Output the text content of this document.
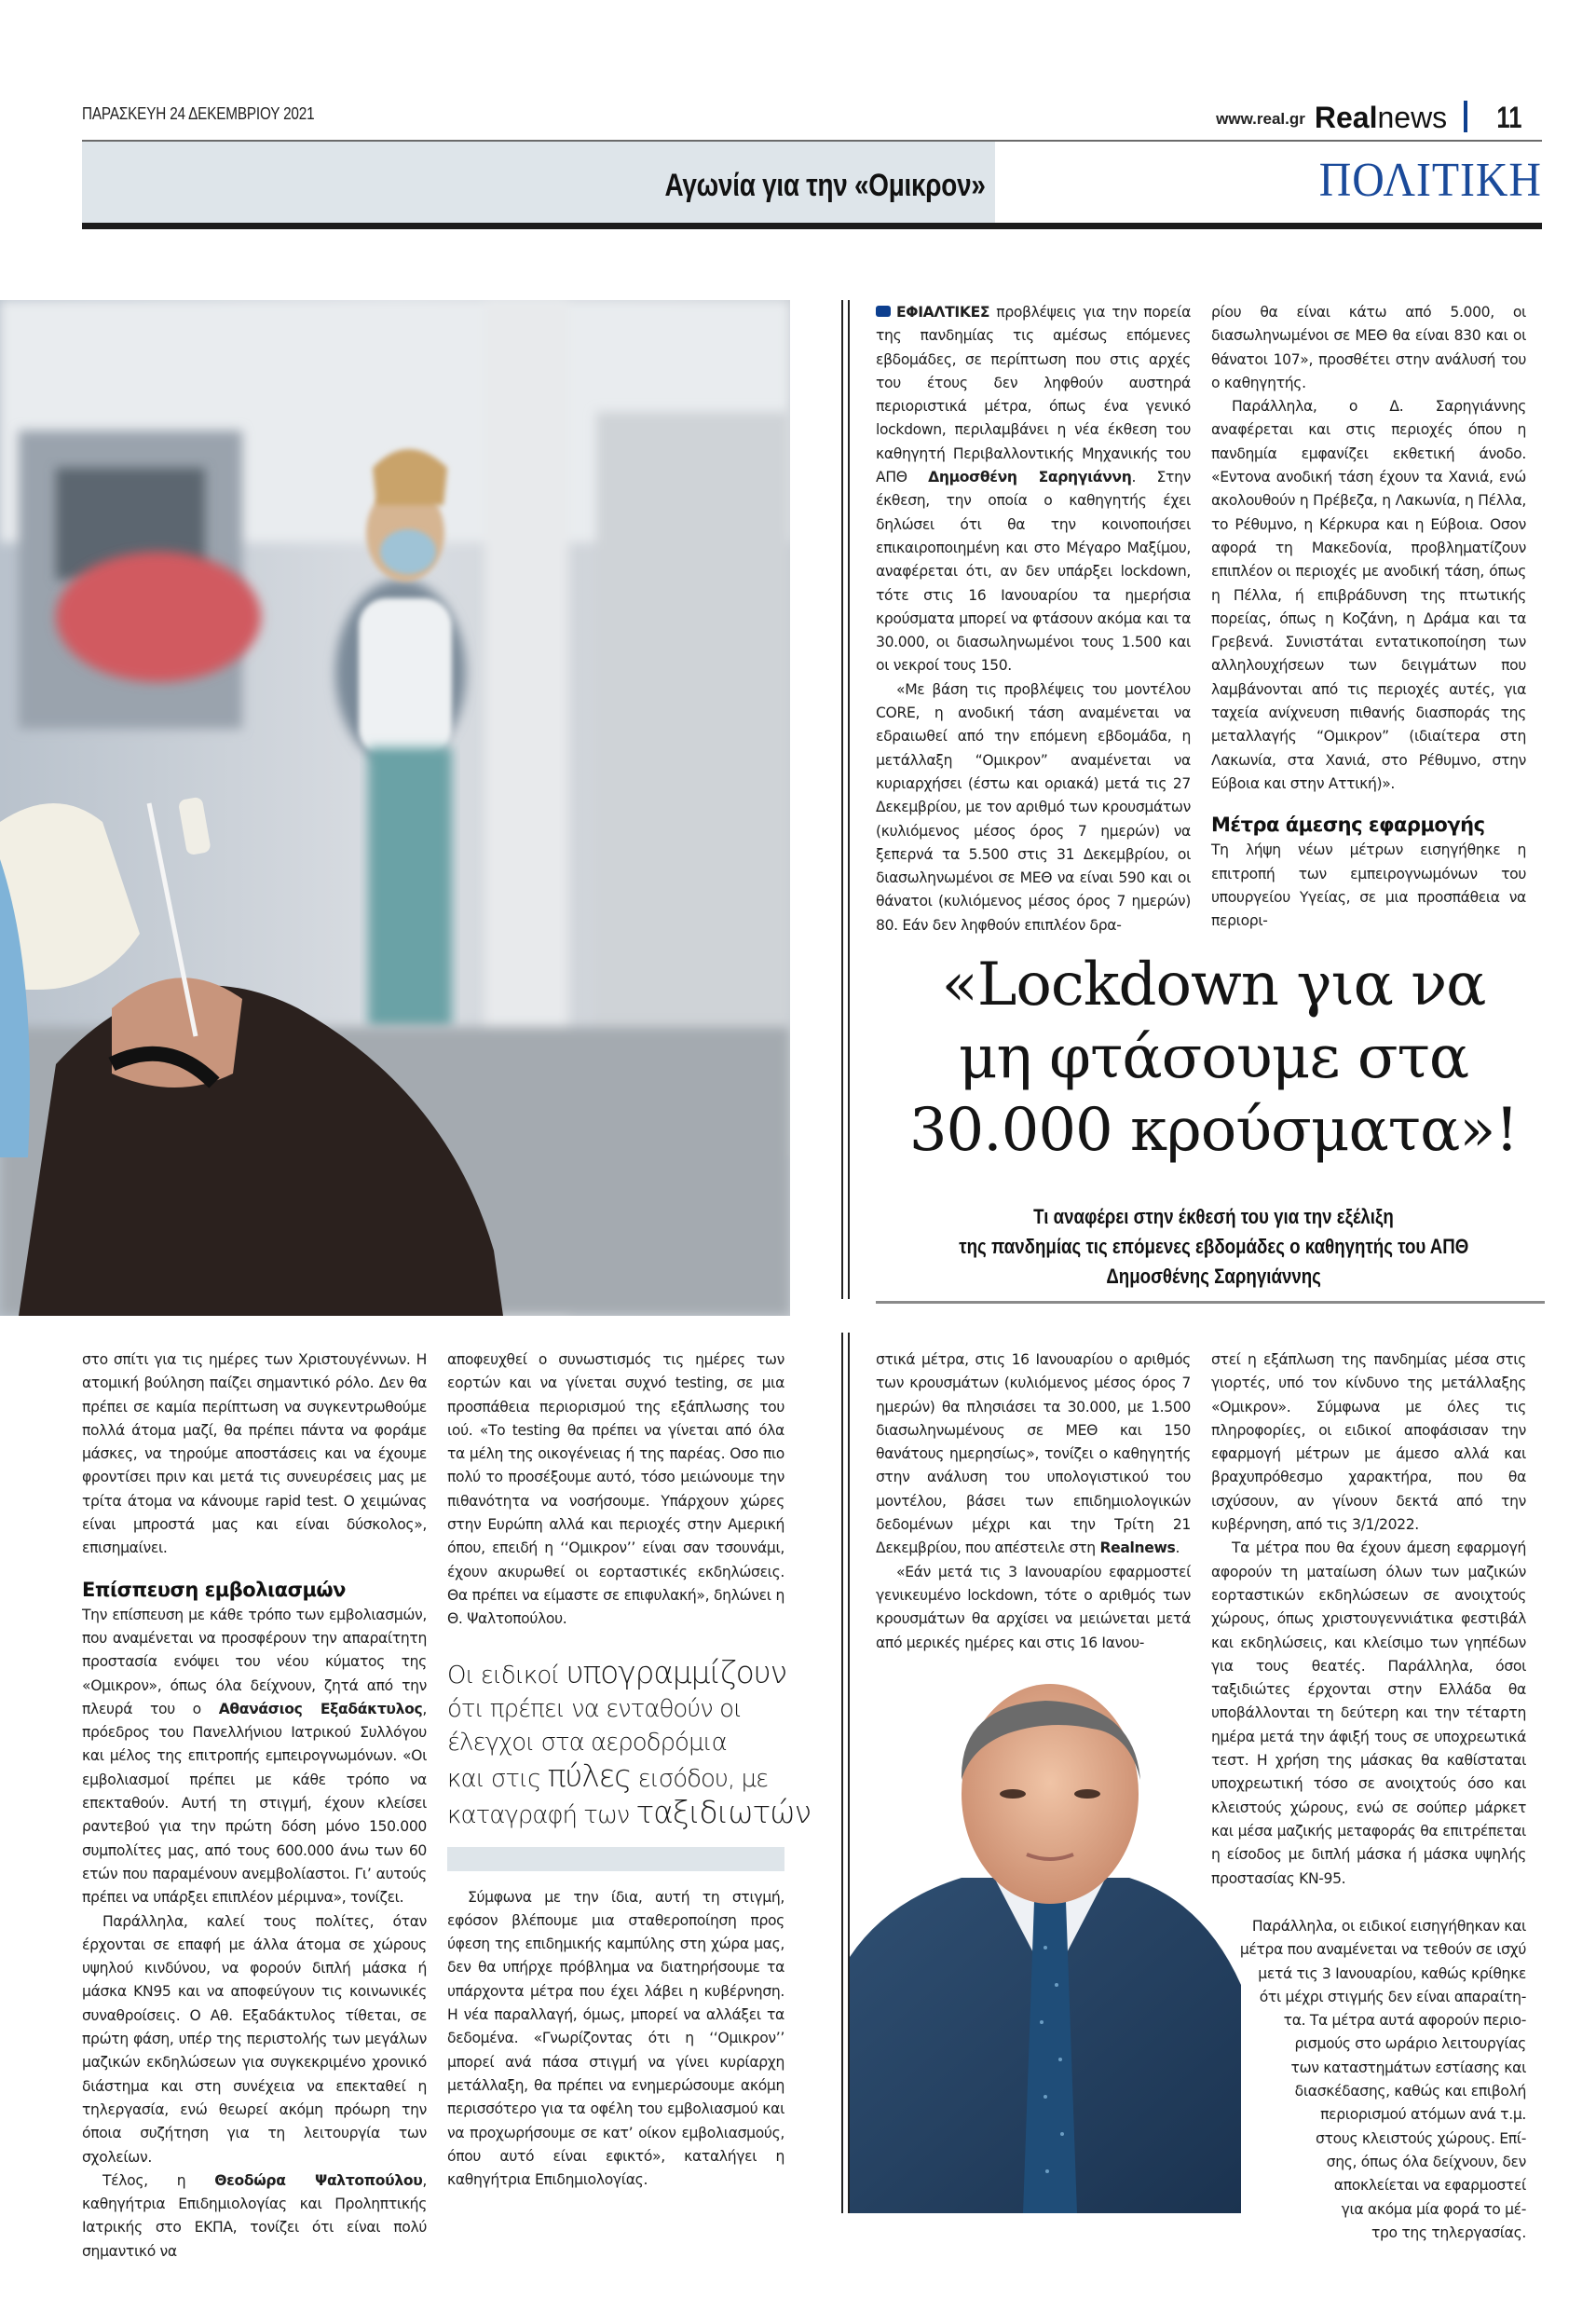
ΠΑΡΑΣΚΕΥΗ 24 ΔΕΚΕΜΒΡΙΟΥ 2021	www.real.gr Realnews 11
Αγωνία για την «Ομικρον»	ΠΟΛΙΤΙΚΗ

ΕΦΙΑΛΤΙΚΕΣ προβλέψεις για την πορεία της πανδημίας τις αμέσως επόμενες εβδομάδες, σε περίπτωση που στις αρχές του έτους δεν ληφθούν αυστηρά περιοριστικά μέτρα, όπως ένα γενικό lockdown, περιλαμβάνει η νέα έκθεση του καθηγητή Περιβαλλοντικής Μηχανικής του ΑΠΘ Δημοσθένη Σαρηγιάννη. Στην έκθεση, την οποία ο καθηγητής έχει δηλώσει ότι θα την κοινοποιήσει επικαιροποιημένη και στο Μέγαρο Μαξίμου, αναφέρεται ότι, αν δεν υπάρξει lockdown, τότε στις 16 Ιανουαρίου τα ημερήσια κρούσματα μπορεί να φτάσουν ακόμα και τα 30.000, οι διασωληνωμένοι τους 1.500 και οι νεκροί τους 150.

«Με βάση τις προβλέψεις του μοντέλου CORE, η ανοδική τάση αναμένεται να εδραιωθεί από την επόμενη εβδομάδα, η μετάλλαξη “Ομικρον” αναμένεται να κυριαρχήσει (έστω και οριακά) μετά τις 27 Δεκεμβρίου, με τον αριθμό των κρουσμάτων (κυλιόμενος μέσος όρος 7 ημερών) να ξεπερνά τα 5.500 στις 31 Δεκεμβρίου, οι διασωληνωμένοι σε ΜΕΘ να είναι 590 και οι θάνατοι (κυλιόμενος μέσος όρος 7 ημερών) 80. Εάν δεν ληφθούν επιπλέον δρα-

ρίου θα είναι κάτω από 5.000, οι διασωληνωμένοι σε ΜΕΘ θα είναι 830 και οι θάνατοι 107», προσθέτει στην ανάλυσή του ο καθηγητής.

Παράλληλα, ο Δ. Σαρηγιάννης αναφέρεται και στις περιοχές όπου η πανδημία εμφανίζει εκθετική άνοδο. «Εντονα ανοδική τάση έχουν τα Χανιά, ενώ ακολουθούν η Πρέβεζα, η Λακωνία, η Πέλλα, το Ρέθυμνο, η Κέρκυρα και η Εύβοια. Οσον αφορά τη Μακεδονία, προβληματίζουν επιπλέον οι περιοχές με ανοδική τάση, όπως η Πέλλα, ή επιβράδυνση της πτωτικής πορείας, όπως η Κοζάνη, η Δράμα και τα Γρεβενά. Συνιστάται εντατικοποίηση των αλληλουχήσεων των δειγμάτων που λαμβάνονται από τις περιοχές αυτές, για ταχεία ανίχνευση πιθανής διασποράς της μεταλλαγής “Ομικρον” (ιδιαίτερα στη Λακωνία, στα Χανιά, στο Ρέθυμνο, στην Εύβοια και στην Αττική)».

Μέτρα άμεσης εφαρμογής

Τη λήψη νέων μέτρων εισηγήθηκε η επιτροπή των εμπειρογνωμόνων του υπουργείου Υγείας, σε μια προσπάθεια να περιορι-

«Lockdown για να
μη φτάσουμε στα
30.000 κρούσματα»!
Τι αναφέρει στην έκθεσή του για την εξέλιξη
της πανδημίας τις επόμενες εβδομάδες ο καθηγητής του ΑΠΘ
Δημοσθένης Σαρηγιάννης

στο σπίτι για τις ημέρες των Χριστουγέννων. Η ατομική βούληση παίζει σημαντικό ρόλο. Δεν θα πρέπει σε καμία περίπτωση να συγκεντρωθούμε πολλά άτομα μαζί, θα πρέπει πάντα να φοράμε μάσκες, να τηρούμε αποστάσεις και να έχουμε φροντίσει πριν και μετά τις συνευρέσεις μας με τρίτα άτομα να κάνουμε rapid test. Ο χειμώνας είναι μπροστά μας και είναι δύσκολος», επισημαίνει.

Επίσπευση εμβολιασμών

Την επίσπευση με κάθε τρόπο των εμβολιασμών, που αναμένεται να προσφέρουν την απαραίτητη προστασία ενόψει του νέου κύματος της «Ομικρον», όπως όλα δείχνουν, ζητά από την πλευρά του ο Αθανάσιος Εξαδάκτυλος, πρόεδρος του Πανελλήνιου Ιατρικού Συλλόγου και μέλος της επιτροπής εμπειρογνωμόνων. «Οι εμβολιασμοί πρέπει με κάθε τρόπο να επεκταθούν. Αυτή τη στιγμή, έχουν κλείσει ραντεβού για την πρώτη δόση μόνο 150.000 συμπολίτες μας, από τους 600.000 άνω των 60 ετών που παραμένουν ανεμβολίαστοι. Γι’ αυτούς πρέπει να υπάρξει επιπλέον μέριμνα», τονίζει.

Παράλληλα, καλεί τους πολίτες, όταν έρχονται σε επαφή με άλλα άτομα σε χώρους υψηλού κινδύνου, να φορούν διπλή μάσκα ή μάσκα KN95 και να αποφεύγουν τις κοινωνικές συναθροίσεις. Ο Αθ. Εξαδάκτυλος τίθεται, σε πρώτη φάση, υπέρ της περιστολής των μεγάλων μαζικών εκδηλώσεων για συγκεκριμένο χρονικό διάστημα και στη συνέχεια να επεκταθεί η τηλεργασία, ενώ θεωρεί ακόμη πρόωρη την όποια συζήτηση για τη λειτουργία των σχολείων.

Τέλος, η Θεοδώρα Ψαλτοπούλου, καθηγήτρια Επιδημιολογίας και Προληπτικής Ιατρικής στο ΕΚΠΑ, τονίζει ότι είναι πολύ σημαντικό να

αποφευχθεί ο συνωστισμός τις ημέρες των εορτών και να γίνεται συχνό testing, σε μια προσπάθεια περιορισμού της εξάπλωσης του ιού. «Το testing θα πρέπει να γίνεται από όλα τα μέλη της οικογένειας ή της παρέας. Οσο πιο πολύ το προσέξουμε αυτό, τόσο μειώνουμε την πιθανότητα να νοσήσουμε. Υπάρχουν χώρες στην Ευρώπη αλλά και περιοχές στην Αμερική όπου, επειδή η ‘‘Ομικρον’’ είναι σαν τσουνάμι, έχουν ακυρωθεί οι εορταστικές εκδηλώσεις. Θα πρέπει να είμαστε σε επιφυλακή», δηλώνει η Θ. Ψαλτοπούλου.

Οι ειδικοί υπογραμμίζουν
ότι πρέπει να ενταθούν οι
έλεγχοι στα αεροδρόμια
και στις πύλες εισόδου, με
καταγραφή των ταξιδιωτών

Σύμφωνα με την ίδια, αυτή τη στιγμή, εφόσον βλέπουμε μια σταθεροποίηση προς ύφεση της επιδημικής καμπύλης στη χώρα μας, δεν θα υπήρχε πρόβλημα να διατηρήσουμε τα υπάρχοντα μέτρα που έχει λάβει η κυβέρνηση. Η νέα παραλλαγή, όμως, μπορεί να αλλάξει τα δεδομένα. «Γνωρίζοντας ότι η ‘‘Ομικρον’’ μπορεί ανά πάσα στιγμή να γίνει κυρίαρχη μετάλλαξη, θα πρέπει να ενημερώσουμε ακόμη περισσότερο για τα οφέλη του εμβολιασμού και να προχωρήσουμε σε κατ’ οίκον εμβολιασμούς, όπου αυτό είναι εφικτό», καταλήγει η καθηγήτρια Επιδημιολογίας.

στικά μέτρα, στις 16 Ιανουαρίου ο αριθμός των κρουσμάτων (κυλιόμενος μέσος όρος 7 ημερών) θα πλησιάσει τα 30.000, με 1.500 διασωληνωμένους σε ΜΕΘ και 150 θανάτους ημερησίως», τονίζει ο καθηγητής στην ανάλυση του υπολογιστικού του μοντέλου, βάσει των επιδημιολογικών δεδομένων μέχρι και την Τρίτη 21 Δεκεμβρίου, που απέστειλε στη Realnews.

«Εάν μετά τις 3 Ιανουαρίου εφαρμοστεί γενικευμένο lockdown, τότε ο αριθμός των κρουσμάτων θα αρχίσει να μειώνεται μετά από μερικές ημέρες και στις 16 Ιανου-

στεί η εξάπλωση της πανδημίας μέσα στις γιορτές, υπό τον κίνδυνο της μετάλλαξης «Ομικρον». Σύμφωνα με όλες τις πληροφορίες, οι ειδικοί αποφάσισαν την εφαρμογή μέτρων με άμεσο αλλά και βραχυπρόθεσμο χαρακτήρα, που θα ισχύσουν, αν γίνουν δεκτά από την κυβέρνηση, από τις 3/1/2022.

Τα μέτρα που θα έχουν άμεση εφαρμογή αφορούν τη ματαίωση όλων των μαζικών εορταστικών εκδηλώσεων σε ανοιχτούς χώρους, όπως χριστουγεννιάτικα φεστιβάλ και εκδηλώσεις, και κλείσιμο των γηπέδων για τους θεατές. Παράλληλα, όσοι ταξιδιώτες έρχονται στην Ελλάδα θα υποβάλλονται τη δεύτερη και την τέταρτη ημέρα μετά την άφιξή τους σε υποχρεωτικά τεστ. Η χρήση της μάσκας θα καθίσταται υποχρεωτική τόσο σε ανοιχτούς όσο και κλειστούς χώρους, ενώ σε σούπερ μάρκετ και μέσα μαζικής μεταφοράς θα επιτρέπεται η είσοδος με διπλή μάσκα ή μάσκα υψηλής προστασίας KN-95.

Παράλληλα, οι ειδικοί εισηγήθηκαν και
μέτρα που αναμένεται να τεθούν σε ισχύ
μετά τις 3 Ιανουαρίου, καθώς κρίθηκε
ότι μέχρι στιγμής δεν είναι απαραίτη-
τα. Τα μέτρα αυτά αφορούν περιο-
ρισμούς στο ωράριο λειτουργίας
των καταστημάτων εστίασης και
διασκέδασης, καθώς και επιβολή
περιορισμού ατόμων ανά τ.μ.
στους κλειστούς χώρους. Επί-
σης, όπως όλα δείχνουν, δεν
αποκλείεται να εφαρμοστεί
για ακόμα μία φορά το μέ-
τρο της τηλεργασίας.
